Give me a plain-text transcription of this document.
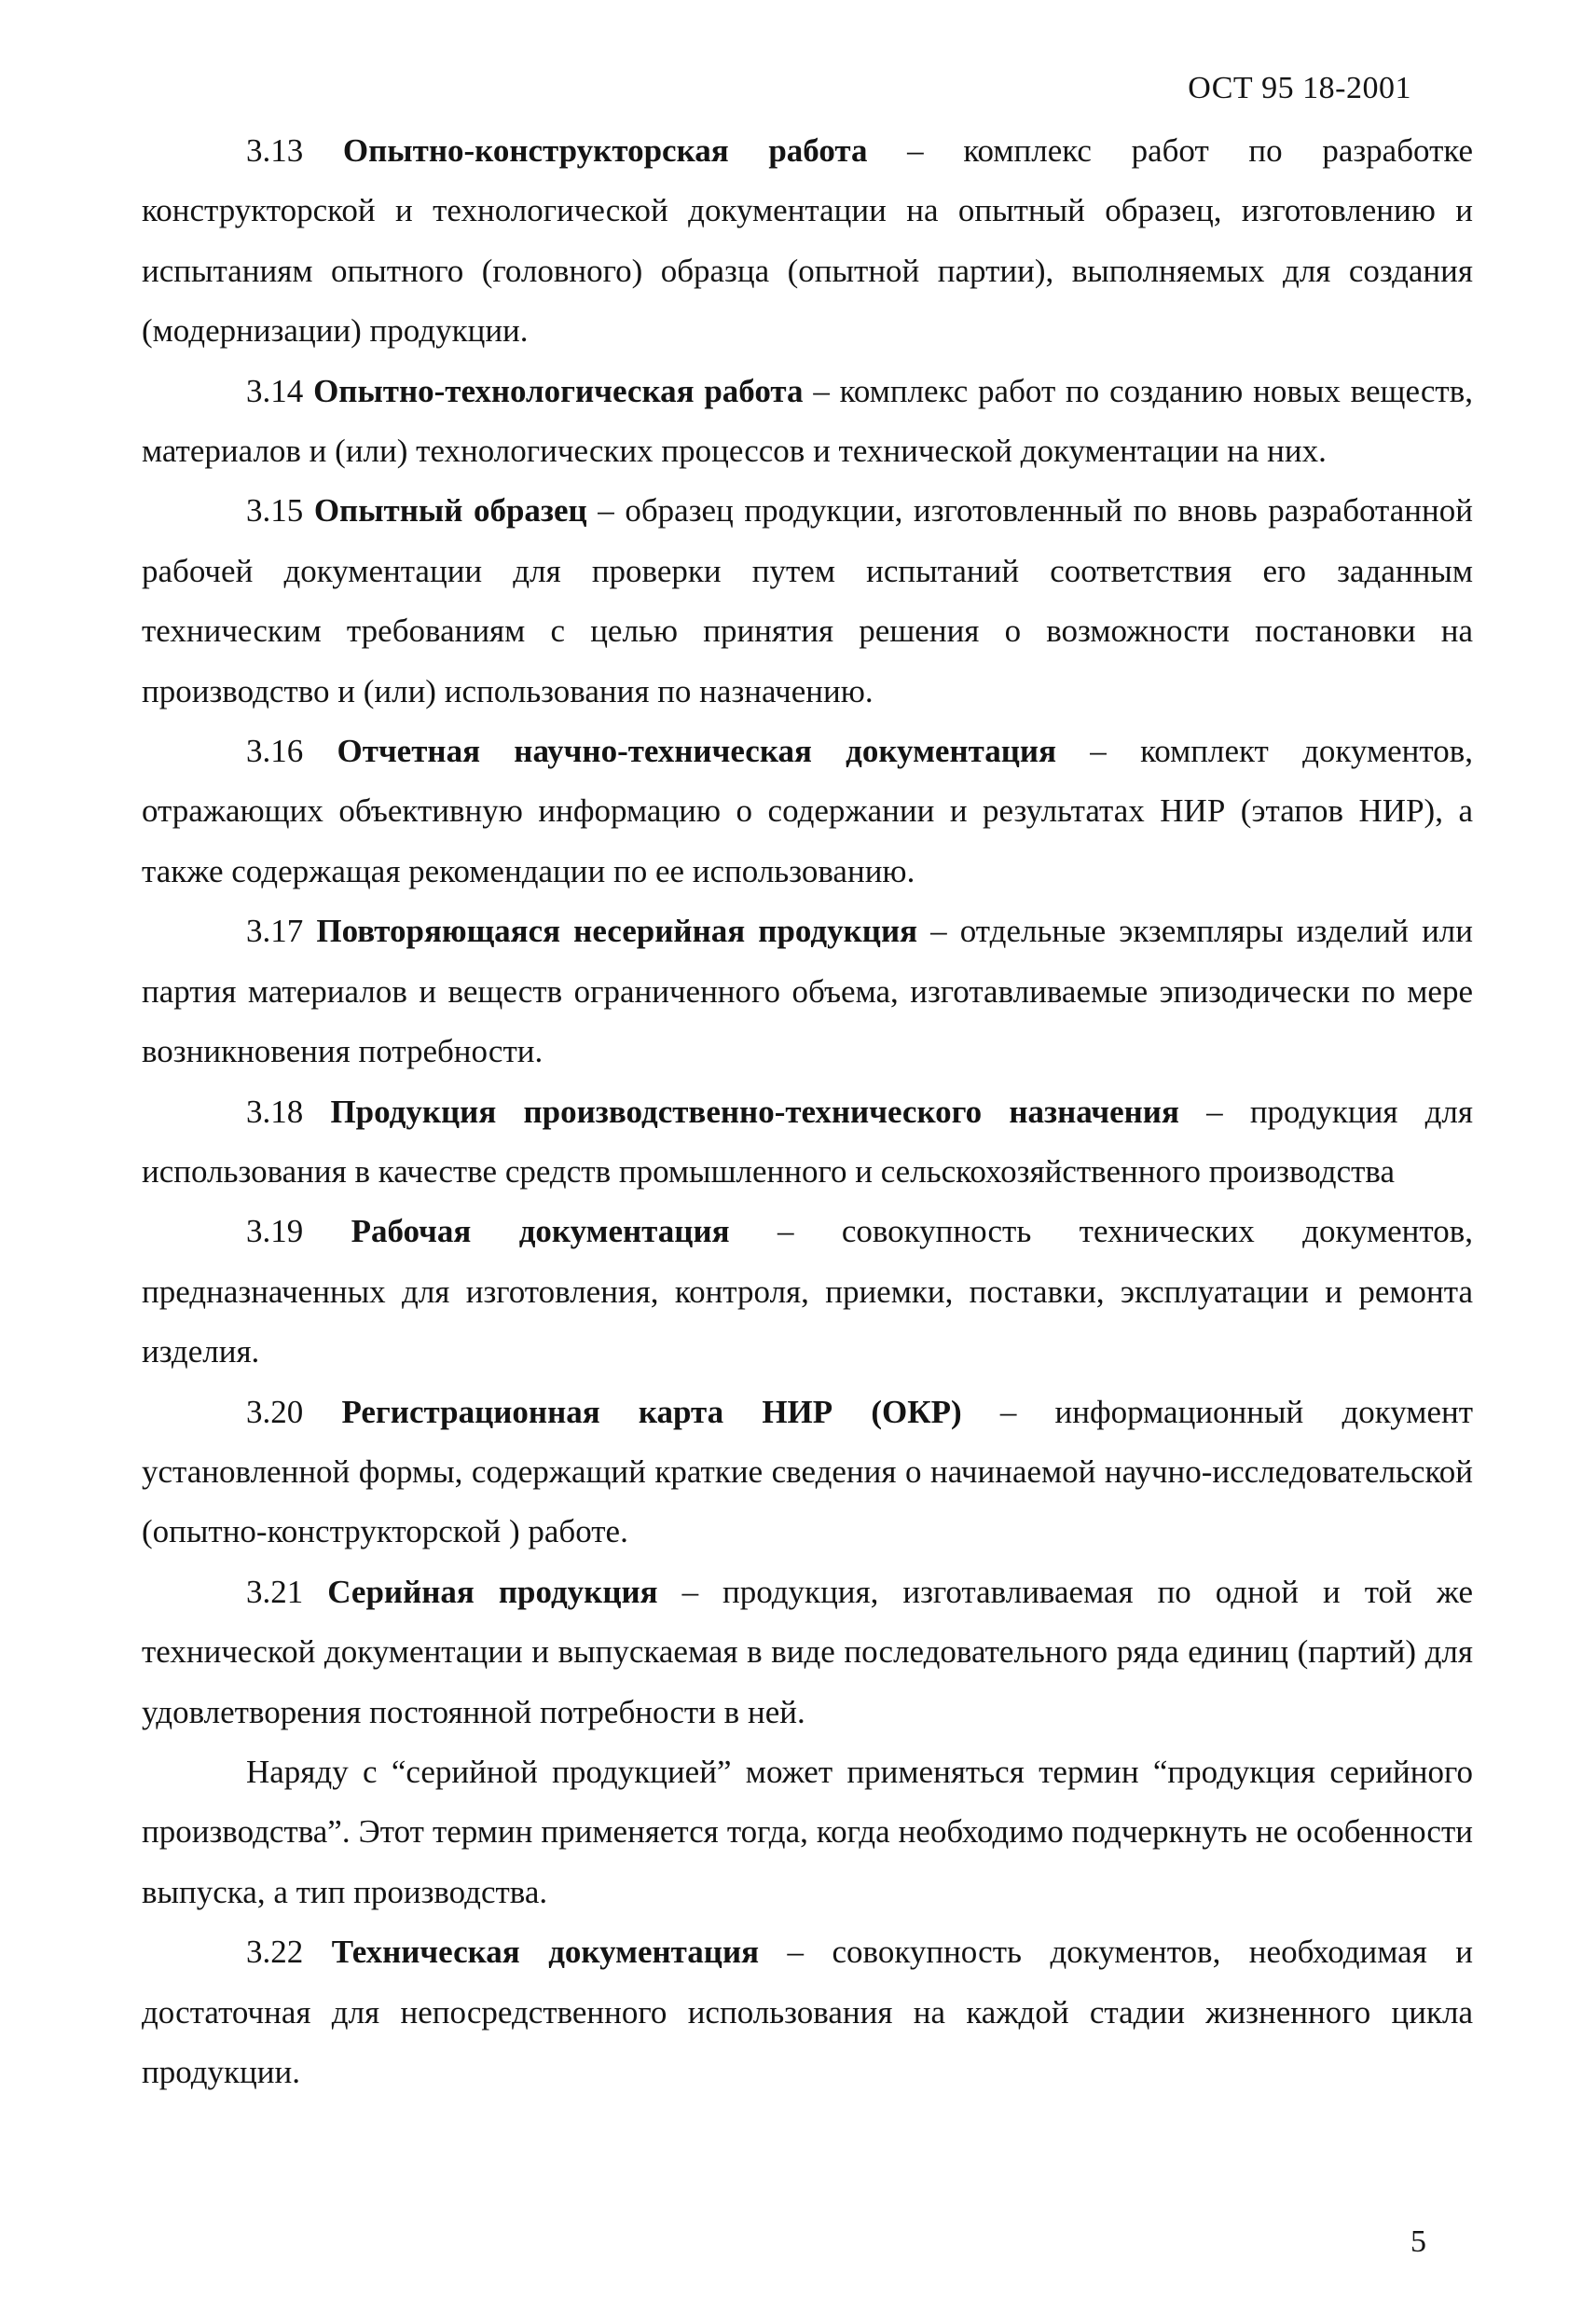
ОСТ 95 18-2001

3.13 Опытно-конструкторская работа – комплекс работ по разработке конструкторской и технологической документации на опытный образец, изготовлению и испытаниям опытного (головного) образца (опытной партии), выполняемых для создания (модернизации) продукции.

3.14 Опытно-технологическая работа – комплекс работ по созданию новых веществ, материалов и (или) технологических процессов и технической документации на них.

3.15 Опытный образец – образец продукции, изготовленный по вновь разработанной рабочей документации для проверки путем испытаний соответствия его заданным техническим требованиям с целью принятия решения о возможности постановки на производство и (или) использования по назначению.

3.16 Отчетная научно-техническая документация – комплект документов, отражающих объективную информацию о содержании и результатах НИР (этапов НИР), а также содержащая рекомендации по ее использованию.

3.17 Повторяющаяся несерийная продукция – отдельные экземпляры изделий или партия материалов и веществ ограниченного объема, изготавливаемые эпизодически по мере возникновения потребности.

3.18 Продукция производственно-технического назначения – продукция для использования в качестве средств промышленного и сельскохозяйственного производства

3.19 Рабочая документация – совокупность технических документов, предназначенных для изготовления, контроля, приемки, поставки, эксплуатации и ремонта изделия.

3.20 Регистрационная карта НИР (ОКР) – информационный документ установленной формы, содержащий краткие сведения о начинаемой научно-исследовательской (опытно-конструкторской ) работе.

3.21 Серийная продукция – продукция, изготавливаемая по одной и той же технической документации и выпускаемая в виде последовательного ряда единиц (партий) для удовлетворения постоянной потребности в ней.

Наряду с “серийной продукцией” может применяться термин “продукция серийного производства”. Этот термин применяется тогда, когда необходимо подчеркнуть не особенности выпуска, а тип производства.

3.22 Техническая документация – совокупность документов, необходимая и достаточная для непосредственного использования на каждой стадии жизненного цикла продукции.

5
